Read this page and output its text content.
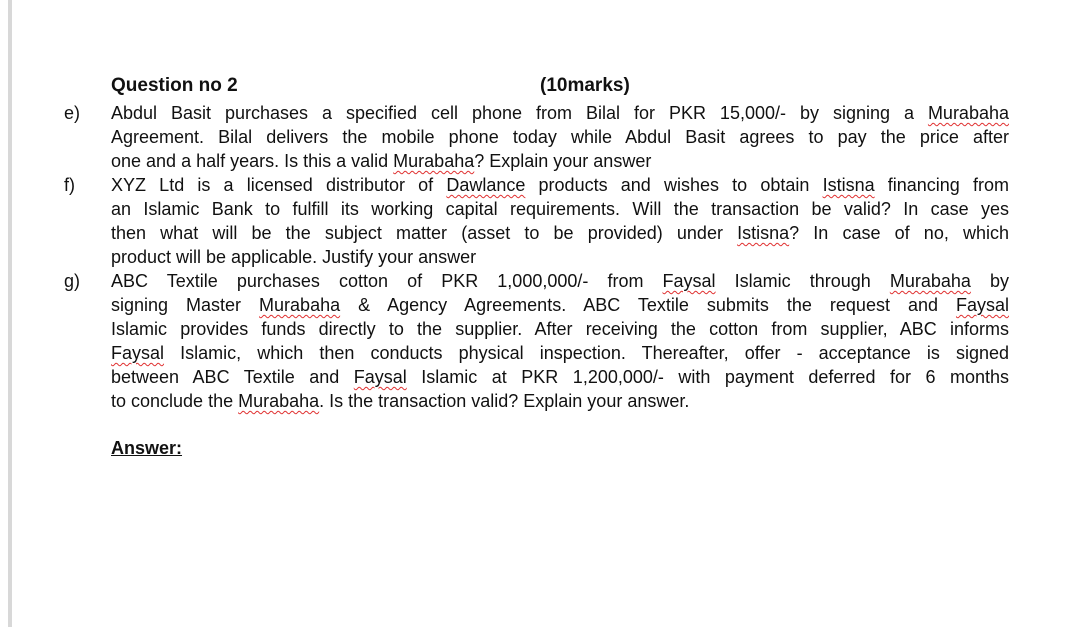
Question no 2	(10marks)
e) Abdul Basit purchases a specified cell phone from Bilal for PKR 15,000/- by signing a Murabaha
Agreement. Bilal delivers the mobile phone today while Abdul Basit agrees to pay the price after
one and a half years. Is this a valid Murabaha? Explain your answer
f) XYZ Ltd is a licensed distributor of Dawlance products and wishes to obtain Istisna financing from
an Islamic Bank to fulfill its working capital requirements. Will the transaction be valid? In case yes
then what will be the subject matter (asset to be provided) under Istisna? In case of no, which
product will be applicable. Justify your answer
g) ABC Textile purchases cotton of PKR 1,000,000/- from Faysal Islamic through Murabaha by
signing Master Murabaha & Agency Agreements. ABC Textile submits the request and Faysal
Islamic provides funds directly to the supplier. After receiving the cotton from supplier, ABC informs
Faysal Islamic, which then conducts physical inspection. Thereafter, offer - acceptance is signed
between ABC Textile and Faysal Islamic at PKR 1,200,000/- with payment deferred for 6 months
to conclude the Murabaha. Is the transaction valid? Explain your answer.
Answer:
